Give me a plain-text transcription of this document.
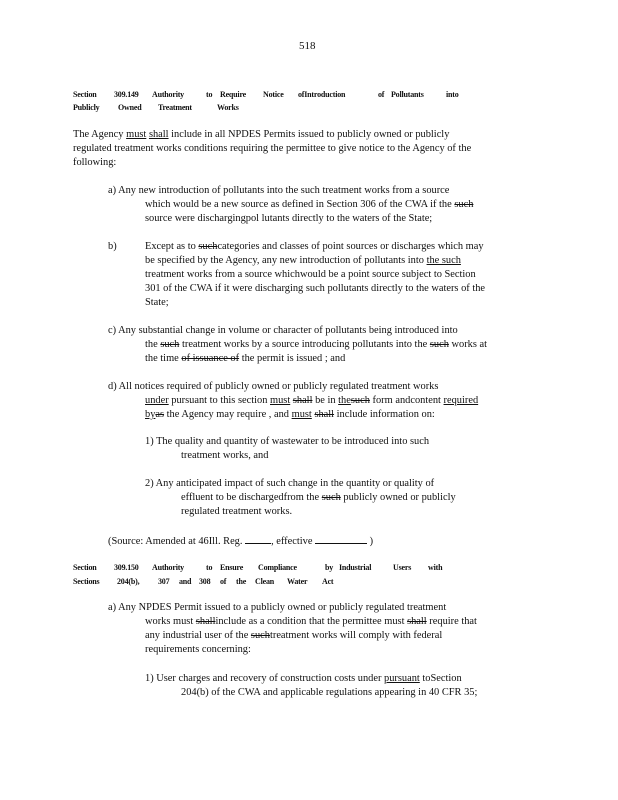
518
Section 309.149 Authority	to Require Notice ofIntroduction	of Pollutants	into
Publicly Owned Treatment	Works
The Agency must shall include in all NPDES Permits issued to publicly owned or publicly
regulated treatment works conditions requiring the permittee to give notice to the Agency of the
following:
a) Any new introduction of pollutants into the such treatment works from a source
which would be a new source as defined in Section 306 of the CWA if the such
source were dischargingpol lutants directly to the waters of the State;
b)	Except as to suchcategories and classes of point sources or discharges which may
be specified by the Agency, any new introduction of pollutants into the such
treatment works from a source whichwould be a point source subject to Section
301 of the CWA if it were discharging such pollutants directly to the waters of the
State;
c) Any substantial change in volume or character of pollutants being introduced into
the such treatment works by a source introducing pollutants into the such works at
the time of issuance of the permit is issued ; and
d) All notices required of publicly owned or publicly regulated treatment works
under pursuant to this section must shall be in thesuch form andcontent required
byas the Agency may require , and must shall include information on:
1) The quality and quantity of wastewater to be introduced into such
treatment works, and
2) Any anticipated impact of such change in the quantity or quality of
effluent to be dischargedfrom the such publicly owned or publicly
regulated treatment works.
(Source: Amended at 46Ill. Reg.	, effective	)
Section 309.150 Authority	to Ensure Compliance	by Industrial	Users with
Sections 204(b), 307 and 308 of the Clean Water Act
a) Any NPDES Permit issued to a publicly owned or publicly regulated treatment
works must shallinclude as a condition that the permittee must shall require that
any industrial user of the suchtreatment works will comply with federal
requirements concerning:
1) User charges and recovery of construction costs under pursuant toSection
204(b) of the CWA and applicable regulations appearing in 40 CFR 35;
